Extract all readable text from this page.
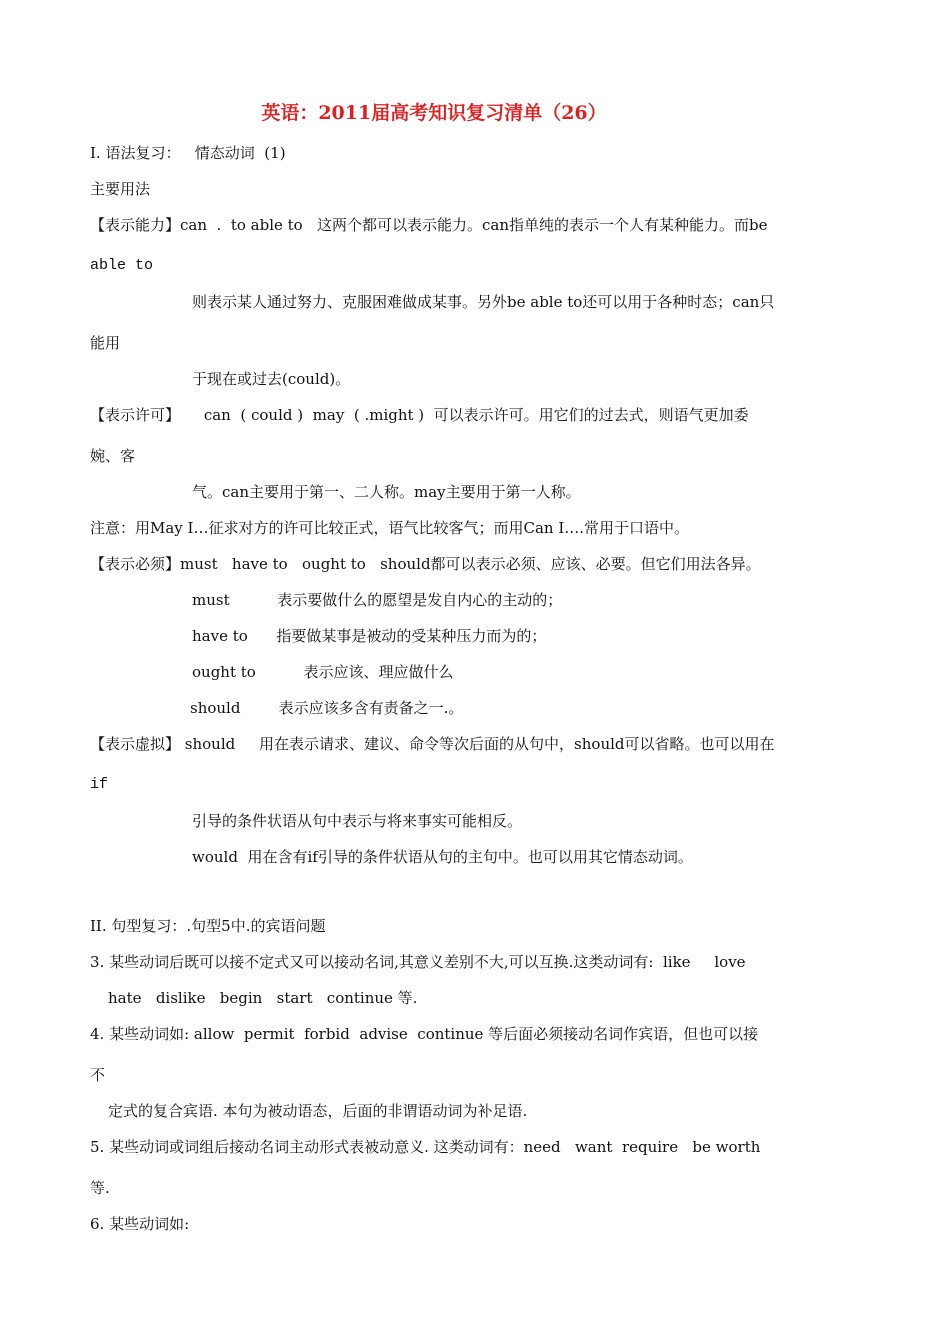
英语：2011届高考知识复习清单（26）
I. 语法复习：   情态动词  (1)
主要用法
【表示能力】can  .  to able to   这两个都可以表示能力。can指单纯的表示一个人有某种能力。而be
able to
则表示某人通过努力、克服困难做成某事。另外be able to还可以用于各种时态；can只
能用
于现在或过去(could)。
【表示许可】     can  ( could )  may  ( .might )  可以表示许可。用它们的过去式，则语气更加委
婉、客
气。can主要用于第一、二人称。may主要用于第一人称。
注意：用May I…征求对方的许可比较正式，语气比较客气；而用Can I….常用于口语中。
【表示必须】must   have to   ought to   should都可以表示必须、应该、必要。但它们用法各异。
must          表示要做什么的愿望是发自内心的主动的；
have to      指要做某事是被动的受某种压力而为的；
ought to          表示应该、理应做什么
should        表示应该多含有责备之一.。
【表示虚拟】 should     用在表示请求、建议、命令等次后面的从句中，should可以省略。也可以用在
if
引导的条件状语从句中表示与将来事实可能相反。
would  用在含有if引导的条件状语从句的主句中。也可以用其它情态动词。
II. 句型复习：.句型5中.的宾语问题
3. 某些动词后既可以接不定式又可以接动名词,其意义差别不大,可以互换.这类动词有:  like     love
hate   dislike   begin   start   continue 等.
4. 某些动词如: allow  permit  forbid  advise  continue 等后面必须接动名词作宾语，但也可以接
不
定式的复合宾语. 本句为被动语态，后面的非谓语动词为补足语.
5. 某些动词或词组后接动名词主动形式表被动意义. 这类动词有：need   want  require   be worth
等.
6. 某些动词如:
